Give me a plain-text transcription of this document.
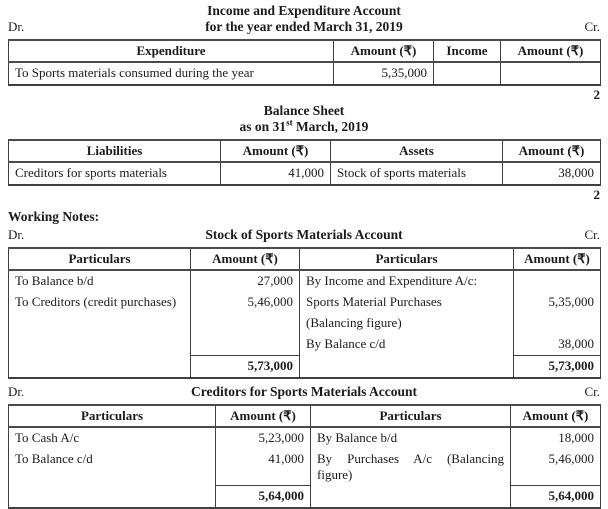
Income and Expenditure Account
Dr.	for the year ended March 31, 2019	Cr.
Expenditure	Amount (₹)	Income	Amount (₹)
To Sports materials consumed during the year	5,35,000		
2
Balance Sheet
as on 31st March, 2019
Liabilities	Amount (₹)	Assets	Amount (₹)
Creditors for sports materials	41,000	Stock of sports materials	38,000
2
Working Notes:
Dr.	Stock of Sports Materials Account	Cr.
Particulars	Amount (₹)	Particulars	Amount (₹)
To Balance b/d	27,000	By Income and Expenditure A/c:	
To Creditors (credit purchases)	5,46,000	Sports Material Purchases	5,35,000
		(Balancing figure)	
		By Balance c/d	38,000
	5,73,000		5,73,000
Dr.	Creditors for Sports Materials Account	Cr.
Particulars	Amount (₹)	Particulars	Amount (₹)
To Cash A/c	5,23,000	By Balance b/d	18,000
To Balance c/d	41,000	By Purchases A/c (Balancing figure)	5,46,000
	5,64,000		5,64,000
